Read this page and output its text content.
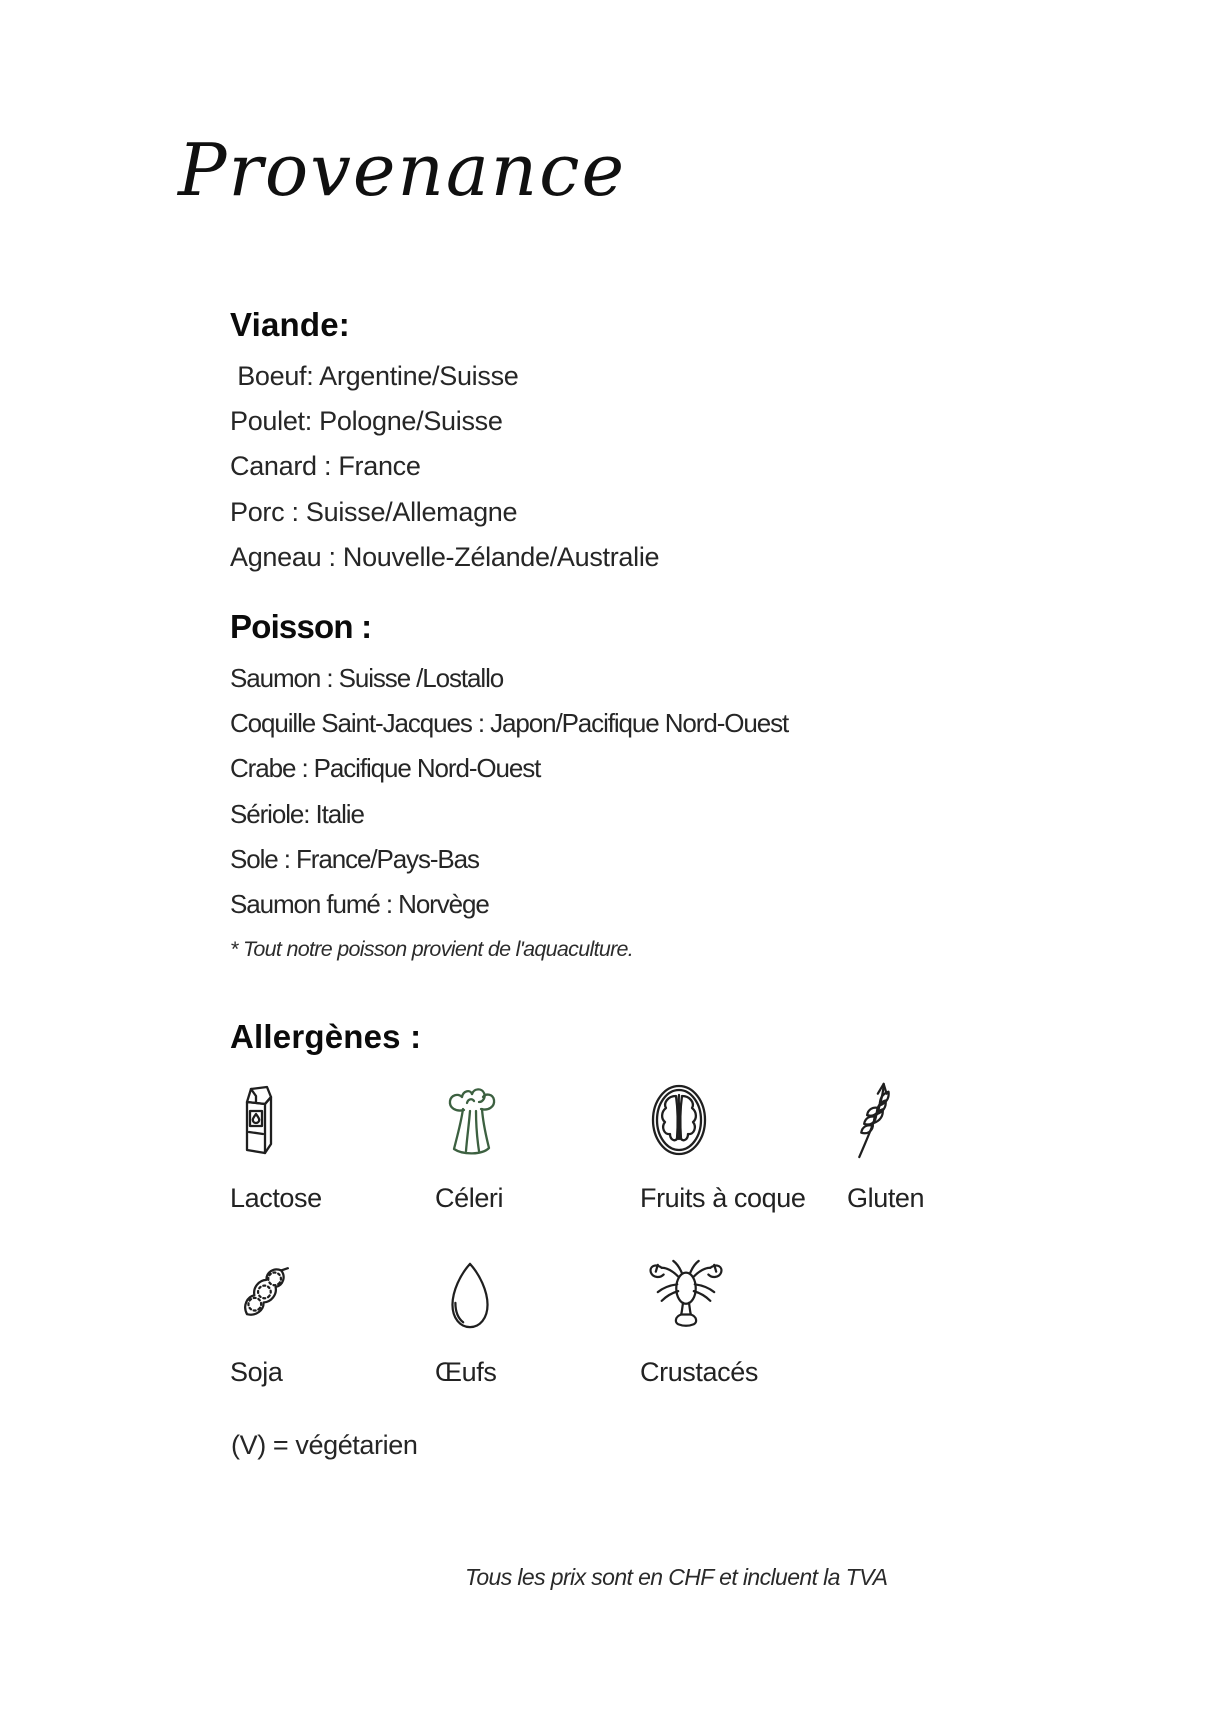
Provenance
Viande:

Boeuf: Argentine/Suisse

Poulet: Pologne/Suisse

Canard : France

Porc : Suisse/Allemagne

Agneau : Nouvelle-Zélande/Australie

Poisson :

Saumon : Suisse /Lostallo

Coquille Saint-Jacques : Japon/Pacifique Nord-Ouest

Crabe : Pacifique Nord-Ouest

Sériole: Italie

Sole : France/Pays-Bas

Saumon fumé : Norvège

* Tout notre poisson provient de l'aquaculture.

Allergènes :
Lactose	Céleri	Fruits à coque	Gluten
Soja	Œufs	Crustacés

(V) = végétarien

Tous les prix sont en CHF et incluent la TVA
